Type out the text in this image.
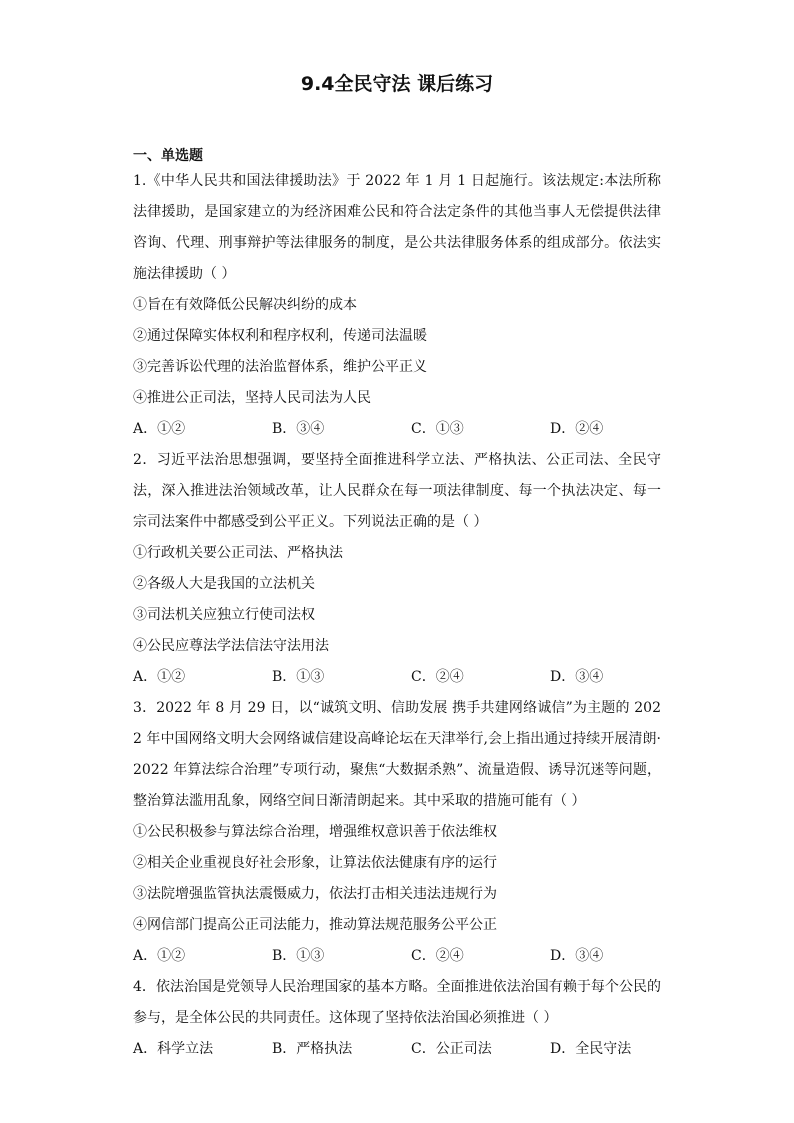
9.4全民守法 课后练习
一、单选题
1.《中华人民共和国法律援助法》于 2022 年 1 月 1 日起施行。该法规定:本法所称法律援助，是国家建立的为经济困难公民和符合法定条件的其他当事人无偿提供法律咨询、代理、刑事辩护等法律服务的制度，是公共法律服务体系的组成部分。依法实施法律援助（ ）
①旨在有效降低公民解决纠纷的成本
②通过保障实体权利和程序权利，传递司法温暖
③完善诉讼代理的法治监督体系，维护公平正义
④推进公正司法，坚持人民司法为人民
A．①②	B．③④	C．①③	D．②④
2．习近平法治思想强调，要坚持全面推进科学立法、严格执法、公正司法、全民守法，深入推进法治领域改革，让人民群众在每一项法律制度、每一个执法决定、每一宗司法案件中都感受到公平正义。下列说法正确的是（ ）
①行政机关要公正司法、严格执法
②各级人大是我国的立法机关
③司法机关应独立行使司法权
④公民应尊法学法信法守法用法
A．①②	B．①③	C．②④	D．③④
3．2022 年 8 月 29 日，以“诚筑文明、信助发展 携手共建网络诚信”为主题的 2022 年中国网络文明大会网络诚信建设高峰论坛在天津举行,会上指出通过持续开展清朗·2022 年算法综合治理”专项行动，聚焦“大数据杀熟”、流量造假、诱导沉迷等问题，整治算法滥用乱象，网络空间日渐清朗起来。其中采取的措施可能有（ ）
①公民积极参与算法综合治理，增强维权意识善于依法维权
②相关企业重视良好社会形象，让算法依法健康有序的运行
③法院增强监管执法震慑威力，依法打击相关违法违规行为
④网信部门提高公正司法能力，推动算法规范服务公平公正
A．①②	B．①③	C．②④	D．③④
4．依法治国是党领导人民治理国家的基本方略。全面推进依法治国有赖于每个公民的参与，是全体公民的共同责任。这体现了坚持依法治国必须推进（ ）
A．科学立法	B．严格执法	C．公正司法	D．全民守法
